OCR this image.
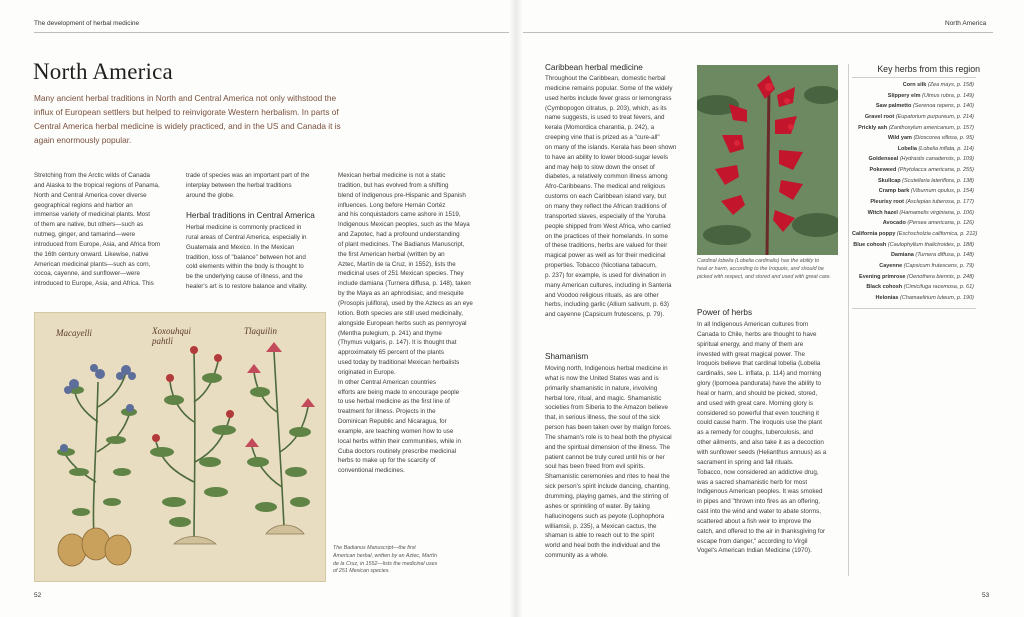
The development of herbal medicine
North America
Many ancient herbal traditions in North and Central America not only withstood the influx of European settlers but helped to reinvigorate Western herbalism. In parts of Central America herbal medicine is widely practiced, and in the US and Canada it is again enormously popular.
Stretching from the Arctic wilds of Canada
and Alaska to the tropical regions of Panama,
North and Central America cover diverse
geographical regions and harbor an
immense variety of medicinal plants. Most
of them are native, but others—such as
nutmeg, ginger, and tamarind—were
introduced from Europe, Asia, and Africa from
the 16th century onward. Likewise, native
American medicinal plants—such as corn,
cocoa, cayenne, and sunflower—were
introduced to Europe, Asia, and Africa. This
trade of species was an important part of the
interplay between the herbal traditions
around the globe.
Herbal traditions in Central America
Herbal medicine is commonly practiced in
rural areas of Central America, especially in
Guatemala and Mexico. In the Mexican
tradition, loss of "balance" between hot and
cold elements within the body is thought to
be the underlying cause of illness, and the
healer's art is to restore balance and vitality.
Mexican herbal medicine is not a static
tradition, but has evolved from a shifting
blend of Indigenous pre-Hispanic and Spanish
influences. Long before Hernán Cortéz
and his conquistadors came ashore in 1519,
Indigenous Mexican peoples, such as the Maya
and Zapotec, had a profound understanding
of plant medicines. The Badianus Manuscript,
the first American herbal (written by an
Aztec, Martín de la Cruz, in 1552), lists the
medicinal uses of 251 Mexican species. They
include damiana (Turnera diffusa, p. 148), taken
by the Maya as an aphrodisiac, and mesquite
(Prosopis juliflora), used by the Aztecs as an eye
lotion. Both species are still used medicinally,
alongside European herbs such as pennyroyal
(Mentha pulegium, p. 241) and thyme
(Thymus vulgaris, p. 147). It is thought that
approximately 65 percent of the plants
used today by traditional Mexican herbalists
originated in Europe.
In other Central American countries
efforts are being made to encourage people
to use herbal medicine as the first line of
treatment for illness. Projects in the
Dominican Republic and Nicaragua, for
example, are teaching women how to use
local herbs within their communities, while in
Cuba doctors routinely prescribe medicinal
herbs to make up for the scarcity of
conventional medicines.
Macayelli	Xoxouhqui pahtli
Tlaquilin
The Badianus Manuscript—the first
American herbal, written by an Aztec, Martín
de la Cruz, in 1552—lists the medicinal uses
of 251 Mexican species.
52
North America
Caribbean herbal medicine
Throughout the Caribbean, domestic herbal
medicine remains popular. Some of the widely
used herbs include fever grass or lemongrass
(Cymbopogon citratus, p. 203), which, as its
name suggests, is used to treat fevers, and
kerala (Momordica charantia, p. 242), a
creeping vine that is prized as a "cure-all"
on many of the islands. Kerala has been shown
to have an ability to lower blood-sugar levels
and may help to slow down the onset of
diabetes, a relatively common illness among
Afro-Caribbeans. The medical and religious
customs on each Caribbean island vary, but
on many they reflect the African traditions of
transported slaves, especially of the Yoruba
people shipped from West Africa, who carried
on the practices of their homelands. In some
of these traditions, herbs are valued for their
magical power as well as for their medicinal
properties. Tobacco (Nicotiana tabacum,
p. 237) for example, is used for divination in
many American cultures, including in Santeria
and Voodoo religious rituals, as are other
herbs, including garlic (Allium sativum, p. 63)
and cayenne (Capsicum frutescens, p. 79).
Shamanism
Moving north, Indigenous herbal medicine in
what is now the United States was and is
primarily shamanistic in nature, involving
herbal lore, ritual, and magic. Shamanistic
societies from Siberia to the Amazon believe
that, in serious illness, the soul of the sick
person has been taken over by malign forces.
The shaman's role is to heal both the physical
and the spiritual dimension of the illness. The
patient cannot be truly cured until his or her
soul has been freed from evil spirits.
Shamanistic ceremonies and rites to heal the
sick person's spirit include dancing, chanting,
drumming, playing games, and the stirring of
ashes or sprinkling of water. By taking
hallucinogens such as peyote (Lophophora
williamsii, p. 235), a Mexican cactus, the
shaman is able to reach out to the spirit
world and heal both the individual and the
community as a whole.
Cardinal lobelia (Lobelia cardinalis) has the ability to
heal or harm, according to the Iroquois, and should be
picked with respect, and stored and used with great care.
Power of herbs
In all Indigenous American cultures from
Canada to Chile, herbs are thought to have
spiritual energy, and many of them are
invested with great magical power. The
Iroquois believe that cardinal lobelia (Lobelia
cardinalis, see L. inflata, p. 114) and morning
glory (Ipomoea pandurata) have the ability to
heal or harm, and should be picked, stored,
and used with great care. Morning glory is
considered so powerful that even touching it
could cause harm. The Iroquois use the plant
as a remedy for coughs, tuberculosis, and
other ailments, and also take it as a decoction
with sunflower seeds (Helianthus annuus) as a
sacrament in spring and fall rituals.
Tobacco, now considered an addictive drug,
was a sacred shamanistic herb for most
Indigenous American peoples. It was smoked
in pipes and "thrown into fires as an offering,
cast into the wind and water to abate storms,
scattered about a fish weir to improve the
catch, and offered to the air in thanksgiving for
escape from danger," according to Virgil
Vogel's American Indian Medicine (1970).
Key herbs from this region
Corn silk (Zea mays, p. 158)
Slippery elm (Ulmus rubra, p. 149)
Saw palmetto (Serenoa repens, p. 140)
Gravel root (Eupatorium purpureum, p. 214)
Prickly ash (Zanthoxylum americanum, p. 157)
Wild yam (Dioscorea villosa, p. 95)
Lobelia (Lobelia inflata, p. 114)
Goldenseal (Hydrastis canadensis, p. 109)
Pokeweed (Phytolacca americana, p. 255)
Skullcap (Scutellaria lateriflora, p. 138)
Cramp bark (Viburnum opulus, p. 154)
Pleurisy root (Asclepias tuberosa, p. 177)
Witch hazel (Hamamelis virginiana, p. 106)
Avocado (Persea americana, p. 126)
California poppy (Eschscholzia californica, p. 212)
Blue cohosh (Caulophyllum thalictroides, p. 188)
Damiana (Turnera diffusa, p. 148)
Cayenne (Capsicum frutescens, p. 79)
Evening primrose (Oenothera biennis, p. 248)
Black cohosh (Cimicifuga racemosa, p. 61)
Helonias (Chamaelirium luteum, p. 190)
53
